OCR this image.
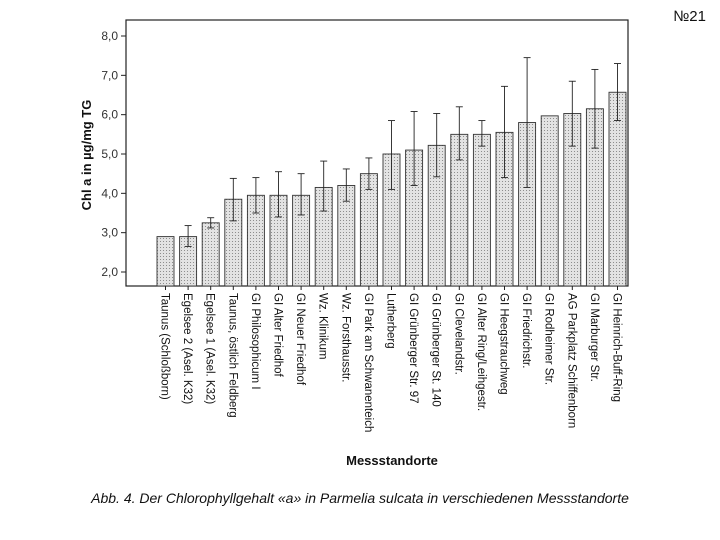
№21
2,0
3,0
4,0
5,0
6,0
7,0
8,0
Taunus (Schloßborn) Egelsee 2 (Asel. K32) Egelsee 1 (Asel. K32) Taunus, östlich Feldberg GI Philosophicum I GI Alter Friedhof GI Neuer Friedhof Wz. Klinikum Wz. Forsthausstr. GI Park am Schwanenteich Lutherberg GI Grünberger Str. 97 GI Grünberger St. 140 GI Clevelandstr. GI Alter Ring/Leihgestr. GI Heegstrauchweg GI Friedrichstr. GI Rodheimer Str. AG Parkplatz Schiffenborn GI Marburger Str. GI Heinrich-Buff-Ring
Chl a in µg/mg TG
Messstandorte
Abb. 4. Der Chlorophyllgehalt «a» in Parmelia sulcata in verschiedenen Messstandorte
